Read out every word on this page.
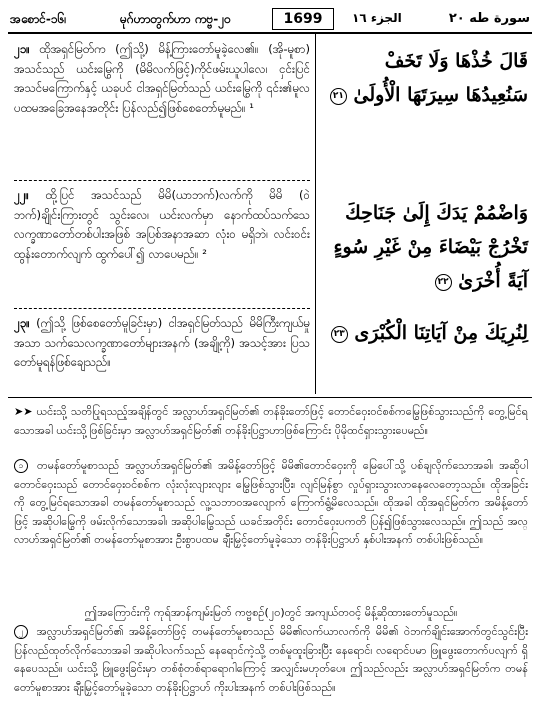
အစောင်-၁၆၊	မုဂ်ဟာတွက်ဟာ ကဗ္ဗ-၂၀	1699	الجزء ١٦	سورة طه ٢٠
၂၁။ ထိုအရှင်မြတ်က (ဤသို့) မိန့်ကြားတော်မူခဲ့လေ၏။ (အို-မူစာ) အသင်သည် ယင်းမြွေကို (မိမိလက်ဖြင့်)ကိုင်ဖမ်းယူပါလေ၊ ငှင်းပြင် အသင်မကြောက်နှင့် ယခုပင် ငါအရှင်မြတ်သည် ယင်းမြွေကို ၎င်း၏မူလပထမအခြေအနေအတိုင်း ပြန်လည်၍ဖြစ်စေတော်မူမည်။ ¹
၂၂။ ထို့ပြင် အသင်သည် မိမိ(ယာဘက်)လက်ကို မိမိ (ဝဲဘက်)ချိုင်းကြားတွင် သွင်းလေ၊ ယင်းလက်မှာ နောက်ထပ်သက်သေ လက္ခဏာတော်တစ်ပါးအဖြစ် အပြစ်အနာအဆာ လုံးဝ မရှိဘဲ၊ လင်းဝင်းထွန်းတောက်လျက် ထွက်ပေါ်၍ လာပေမည်။ ²
၂၃။ (ဤသို့ ဖြစ်စေတော်မူခြင်းမှာ) ငါအရှင်မြတ်သည် မိမိကြီးကျယ်မှုအသာ သက်သေလက္ခဏာတော်များအနက် (အချို့ကို) အသင့်အား ပြသတော်မူရန်ဖြစ်ချေသည်။
قَالَ خُذْهَا وَلَا تَخَفْ سَنُعِيدُهَا سِيرَتَهَا الْأُولَىٰ ٢١
وَاضْمُمْ يَدَكَ إِلَىٰ جَنَاحِكَ تَخْرُجْ بَيْضَاءَ مِنْ غَيْرِ سُوءٍ آيَةً أُخْرَىٰ ٢٢
لِنُرِيَكَ مِنْ آيَاتِنَا الْكُبْرَى ٢٣
➤➤ ယင်းသို့ သတိပြုရသည့်အချိန်တွင် အလ္လာဟ်အရှင်မြတ်၏ တန်ခိုးတော်ဖြင့် တောင်ဝှေးဝင်စစ်ကမြွေဖြစ်သွားသည်ကို တွေ့မြင်ရသောအခါ ယင်းသို့ဖြစ်ခြင်းမှာ အလ္လာဟ်အရှင်မြတ်၏ တန်ခိုးပြဋ္ဌာဟာဖြစ်ကြောင်း ပိုမိုထင်ရှားသွားပေမည်။
၁ တမန်တော်မူစာသည် အလ္လာဟ်အရှင်မြတ်၏ အမိန့်တော်ဖြင့် မိမိ၏တောင်ဝှေးကို မြေပေါ်သို့ ပစ်ချလိုက်သောအခါ၊ အဆိုပါတောင်ဝှေးသည် တောင်ဝှေးဝင်စစ်က လုံးလုံးလျားလျား မြွေဖြစ်သွားပြီး၊ လျင်မြန်စွာ လှုပ်ရှားသွားလာနေလေတော့သည်။ ထိုအခြင်းကို တွေ့မြင်ရသောအခါ တမန်တော်မူစာသည် လူ့သဘာဝအလျောက် ကြောက်ရွံ့မိလေသည်။ ထိုအခါ ထိုအရှင်မြတ်က အမိန့်တော်ဖြင့် အဆိုပါမြွေကို ဖမ်းလိုက်သောအခါ၊ အဆိုပါမြွေသည် ယခင်အတိုင်း တောင်ဝှေးပကတိ ပြန်၍ဖြစ်သွားလေသည်။ ဤသည် အလ္လာဟ်အရှင်မြတ်၏ တမန်တော်မူစာအား ဦးစွာပထမ ချီးမြှင့်တော်မူခဲ့သော တန်ခိုးပြဋ္ဌာဟ် နှစ်ပါးအနက် တစ်ပါးဖြစ်သည်။
ဤအကြောင်းကို ကုရ်အာန်ကျမ်းမြတ် ကဗ္ဗစဉ်(၂၀)တွင် အကျယ်တဝင့် မိန့်ဆိုထားတော်မူသည်။
၂ အလ္လာဟ်အရှင်မြတ်၏ အမိန့်တော်ဖြင့် တမန်တော်မူစာသည် မိမိ၏လက်ယာလက်ကို မိမိ၏ ဝဲဘက်ချိုင်းအောက်တွင်သွင်းပြီး ပြန်လည်ထုတ်လိုက်သောအခါ အဆိုပါလက်သည် နေရောင်ကဲ့သို့ တစ်မူထူးခြားပြီး နေရောင်၊ လရောင်ပမာ ဖြူဖွေးတောက်ပလျက် ရှိနေပေသည်။ ယင်းသို့ ဖြူဖွေးခြင်းမှာ တစ်စုံတစ်ရာရောဂါကြောင့် အလျှင်းမဟုတ်ပေ။ ဤသည်လည်း အလ္လာဟ်အရှင်မြတ်က တမန်တော်မူစာအား ချီးမြှင့်တော်မူခဲ့သော တန်ခိုးပြဋ္ဌာဟ် ကိုးပါးအနက် တစ်ပါးဖြစ်သည်။
